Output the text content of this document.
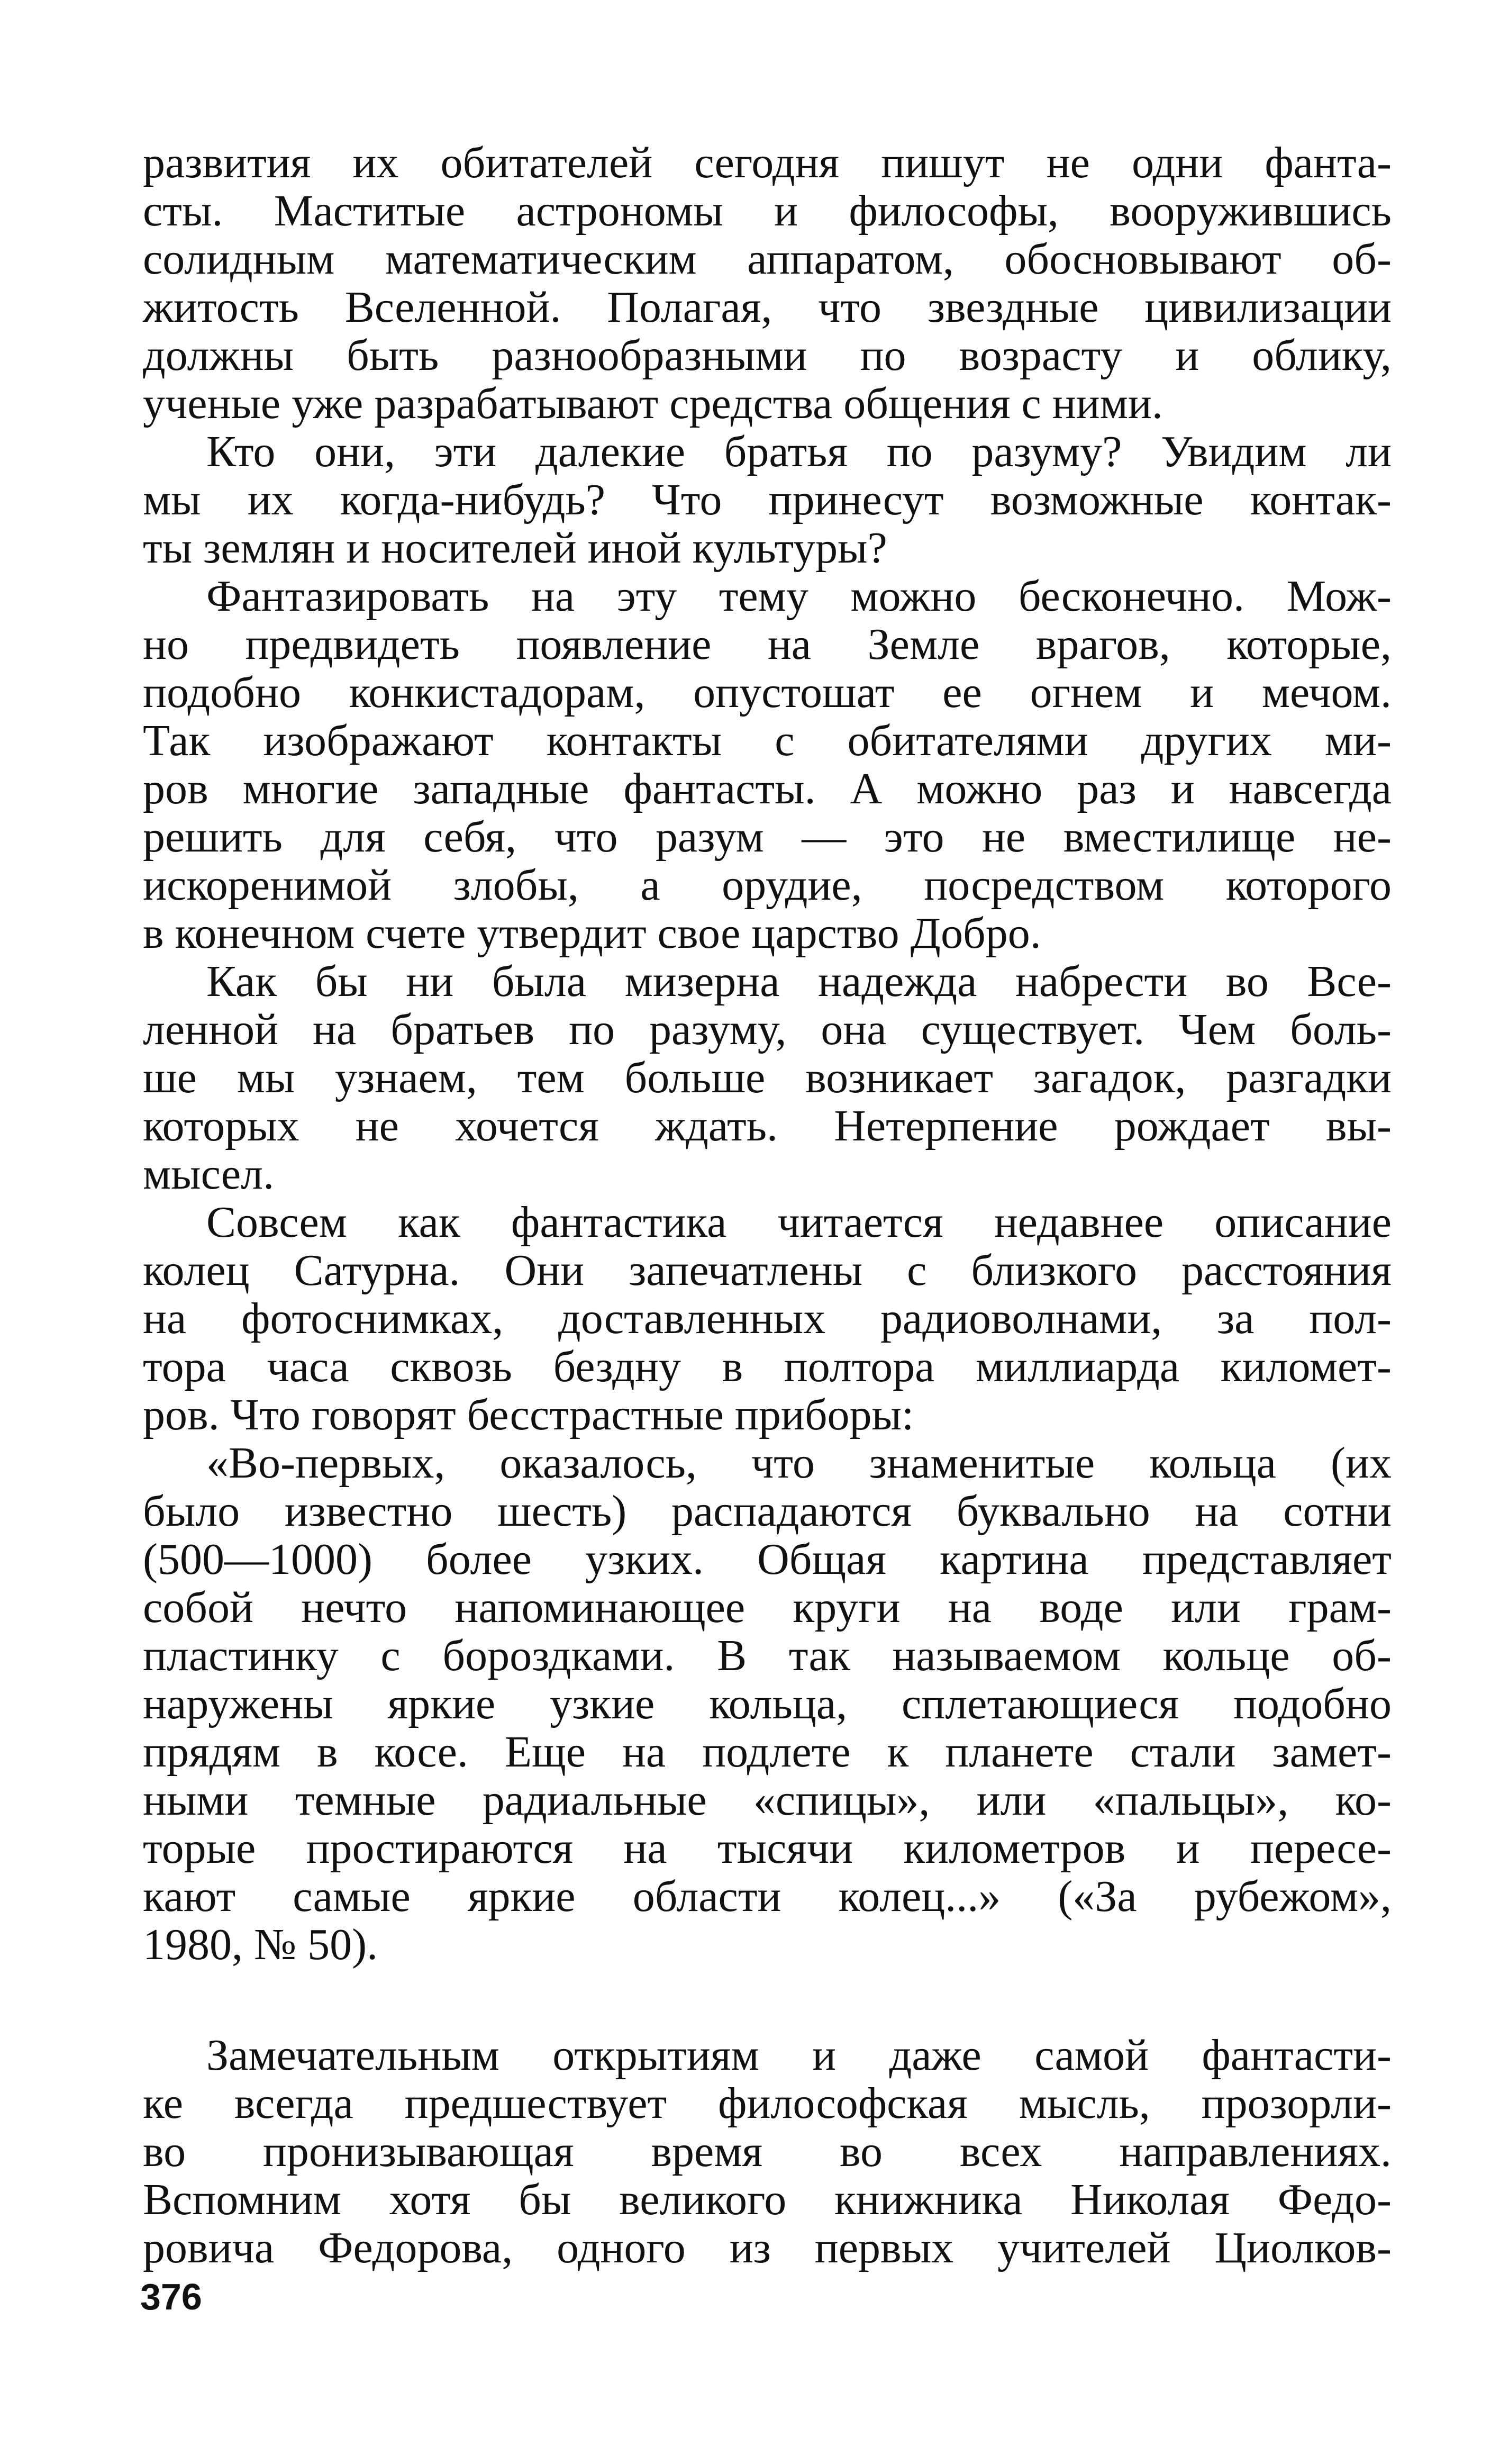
развития их обитателей сегодня пишут не одни фанта-
сты. Маститые астрономы и философы, вооружившись
солидным математическим аппаратом, обосновывают об-
житость Вселенной. Полагая, что звездные цивилизации
должны быть разнообразными по возрасту и облику,
ученые уже разрабатывают средства общения с ними.
Кто они, эти далекие братья по разуму? Увидим ли
мы их когда-нибудь? Что принесут возможные контак-
ты землян и носителей иной культуры?
Фантазировать на эту тему можно бесконечно. Мож-
но предвидеть появление на Земле врагов, которые,
подобно конкистадорам, опустошат ее огнем и мечом.
Так изображают контакты с обитателями других ми-
ров многие западные фантасты. А можно раз и навсегда
решить для себя, что разум — это не вместилище не-
искоренимой злобы, а орудие, посредством которого
в конечном счете утвердит свое царство Добро.
Как бы ни была мизерна надежда набрести во Все-
ленной на братьев по разуму, она существует. Чем боль-
ше мы узнаем, тем больше возникает загадок, разгадки
которых не хочется ждать. Нетерпение рождает вы-
мысел.
Совсем как фантастика читается недавнее описание
колец Сатурна. Они запечатлены с близкого расстояния
на фотоснимках, доставленных радиоволнами, за пол-
тора часа сквозь бездну в полтора миллиарда километ-
ров. Что говорят бесстрастные приборы:
«Во-первых, оказалось, что знаменитые кольца (их
было известно шесть) распадаются буквально на сотни
(500—1000) более узких. Общая картина представляет
собой нечто напоминающее круги на воде или грам-
пластинку с бороздками. В так называемом кольце об-
наружены яркие узкие кольца, сплетающиеся подобно
прядям в косе. Еще на подлете к планете стали замет-
ными темные радиальные «спицы», или «пальцы», ко-
торые простираются на тысячи километров и пересе-
кают самые яркие области колец...» («За рубежом»,
1980, № 50).
Замечательным открытиям и даже самой фантасти-
ке всегда предшествует философская мысль, прозорли-
во пронизывающая время во всех направлениях.
Вспомним хотя бы великого книжника Николая Федо-
ровича Федорова, одного из первых учителей Циолков-
376
